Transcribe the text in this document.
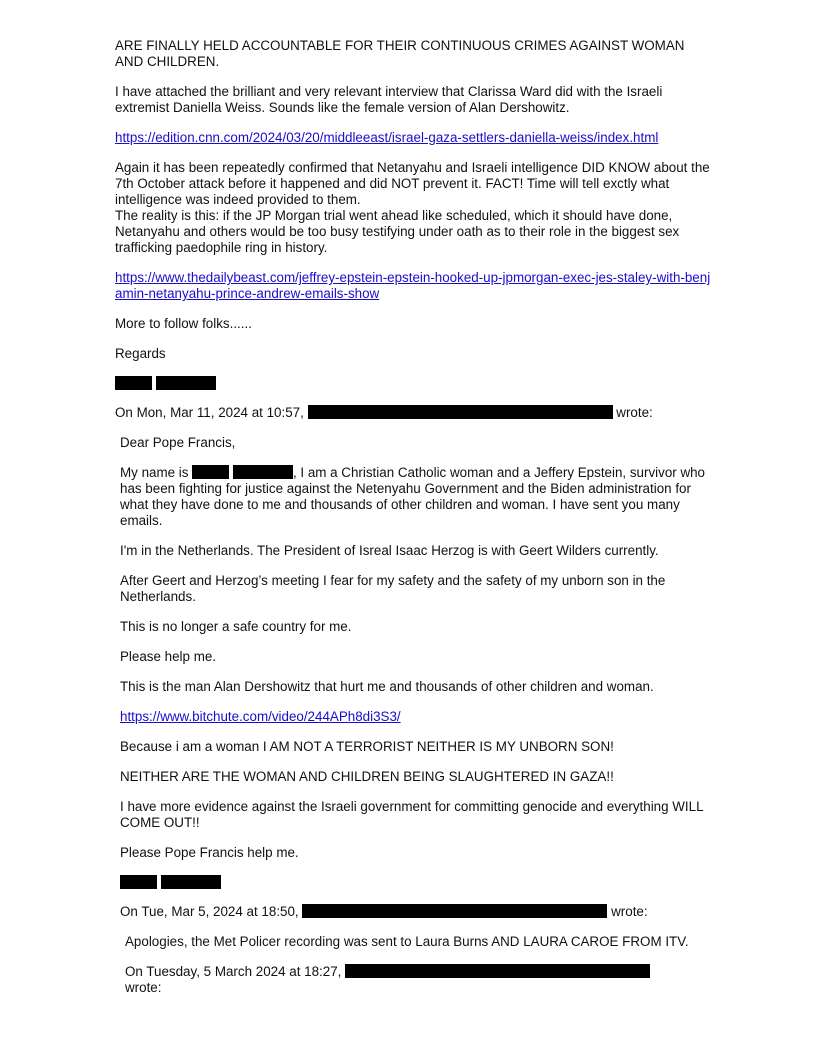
ARE FINALLY HELD ACCOUNTABLE FOR THEIR CONTINUOUS CRIMES AGAINST WOMAN AND CHILDREN.

I have attached the brilliant and very relevant interview that Clarissa Ward did with the Israeli extremist Daniella Weiss. Sounds like the female version of Alan Dershowitz.

https://edition.cnn.com/2024/03/20/middleeast/israel-gaza-settlers-daniella-weiss/index.html

Again it has been repeatedly confirmed that Netanyahu and Israeli intelligence DID KNOW about the 7th October attack before it happened and did NOT prevent it. FACT! Time will tell exctly what intelligence was indeed provided to them.
The reality is this: if the JP Morgan trial went ahead like scheduled, which it should have done, Netanyahu and others would be too busy testifying under oath as to their role in the biggest sex trafficking paedophile ring in history.

https://www.thedailybeast.com/jeffrey-epstein-epstein-hooked-up-jpmorgan-exec-jes-staley-with-benjamin-netanyahu-prince-andrew-emails-show

More to follow folks......

Regards

On Mon, Mar 11, 2024 at 10:57,	wrote:

Dear Pope Francis,

My name is	, I am a Christian Catholic woman and a Jeffery Epstein, survivor who has been fighting for justice against the Netenyahu Government and the Biden administration for what they have done to me and thousands of other children and woman. I have sent you many emails.

I'm in the Netherlands. The President of Isreal Isaac Herzog is with Geert Wilders currently.

After Geert and Herzog’s meeting I fear for my safety and the safety of my unborn son in the Netherlands.

This is no longer a safe country for me.

Please help me.

This is the man Alan Dershowitz that hurt me and thousands of other children and woman.

https://www.bitchute.com/video/244APh8di3S3/

Because i am a woman I AM NOT A TERRORIST NEITHER IS MY UNBORN SON!

NEITHER ARE THE WOMAN AND CHILDREN BEING SLAUGHTERED IN GAZA!!

I have more evidence against the Israeli government for committing genocide and everything WILL COME OUT!!

Please Pope Francis help me.

On Tue, Mar 5, 2024 at 18:50,	wrote:

Apologies, the Met Policer recording was sent to Laura Burns AND LAURA CAROE FROM ITV.

On Tuesday, 5 March 2024 at 18:27,
wrote:
